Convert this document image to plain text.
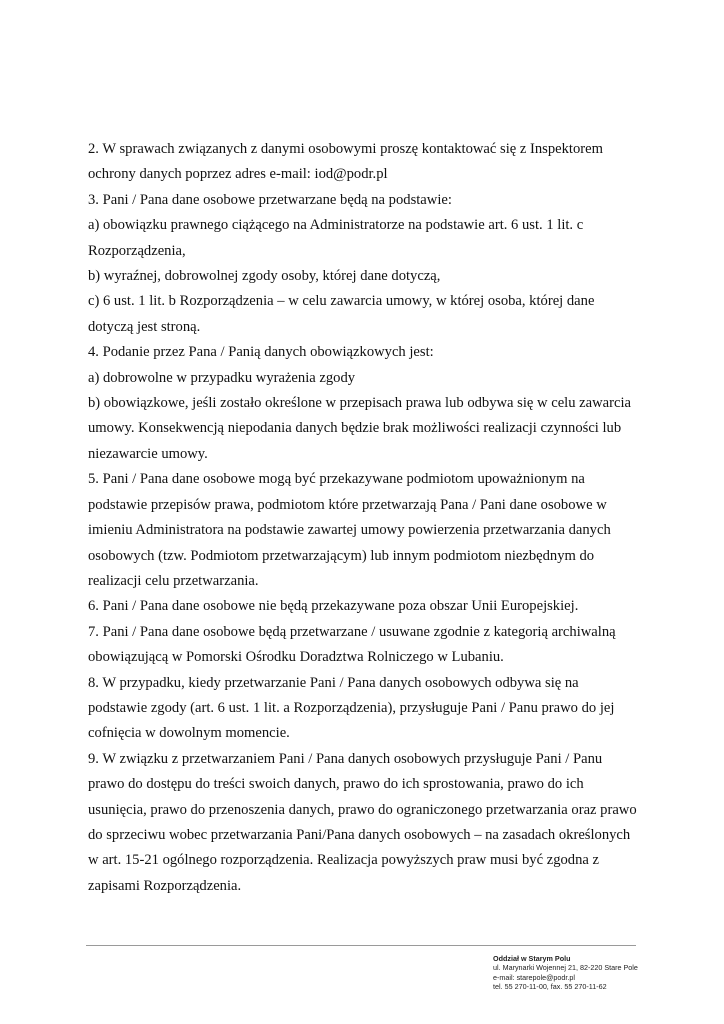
2. W sprawach związanych z danymi osobowymi proszę kontaktować się z Inspektorem
ochrony danych poprzez adres e-mail: iod@podr.pl
3. Pani / Pana dane osobowe przetwarzane będą na podstawie:
a) obowiązku prawnego ciążącego na Administratorze na podstawie art. 6 ust. 1 lit. c
Rozporządzenia,
b) wyraźnej, dobrowolnej zgody osoby, której dane dotyczą,
c) 6 ust. 1 lit. b Rozporządzenia – w celu zawarcia umowy, w której osoba, której dane
dotyczą jest stroną.
4. Podanie przez Pana / Panią danych obowiązkowych jest:
a) dobrowolne w przypadku wyrażenia zgody
b) obowiązkowe, jeśli zostało określone w przepisach prawa lub odbywa się w celu zawarcia
umowy. Konsekwencją niepodania danych będzie brak możliwości realizacji czynności lub
niezawarcie umowy.
5. Pani / Pana dane osobowe mogą być przekazywane podmiotom upoważnionym na
podstawie przepisów prawa, podmiotom które przetwarzają Pana / Pani dane osobowe w
imieniu Administratora na podstawie zawartej umowy powierzenia przetwarzania danych
osobowych (tzw. Podmiotom przetwarzającym) lub innym podmiotom niezbędnym do
realizacji celu przetwarzania.
6. Pani / Pana dane osobowe nie będą przekazywane poza obszar Unii Europejskiej.
7. Pani / Pana dane osobowe będą przetwarzane / usuwane zgodnie z kategorią archiwalną
obowiązującą w Pomorski Ośrodku Doradztwa Rolniczego w Lubaniu.
8. W przypadku, kiedy przetwarzanie Pani / Pana danych osobowych odbywa się na
podstawie zgody (art. 6 ust. 1 lit. a Rozporządzenia), przysługuje Pani / Panu prawo do jej
cofnięcia w dowolnym momencie.
9. W związku z przetwarzaniem Pani / Pana danych osobowych przysługuje Pani / Panu
prawo do dostępu do treści swoich danych, prawo do ich sprostowania, prawo do ich
usunięcia, prawo do przenoszenia danych, prawo do ograniczonego przetwarzania oraz prawo
do sprzeciwu wobec przetwarzania Pani/Pana danych osobowych – na zasadach określonych
w art. 15-21 ogólnego rozporządzenia. Realizacja powyższych praw musi być zgodna z
zapisami Rozporządzenia.
Oddział w Starym Polu
ul. Marynarki Wojennej 21, 82-220 Stare Pole
e-mail: starepole@podr.pl
tel. 55 270-11-00, fax. 55 270-11-62
